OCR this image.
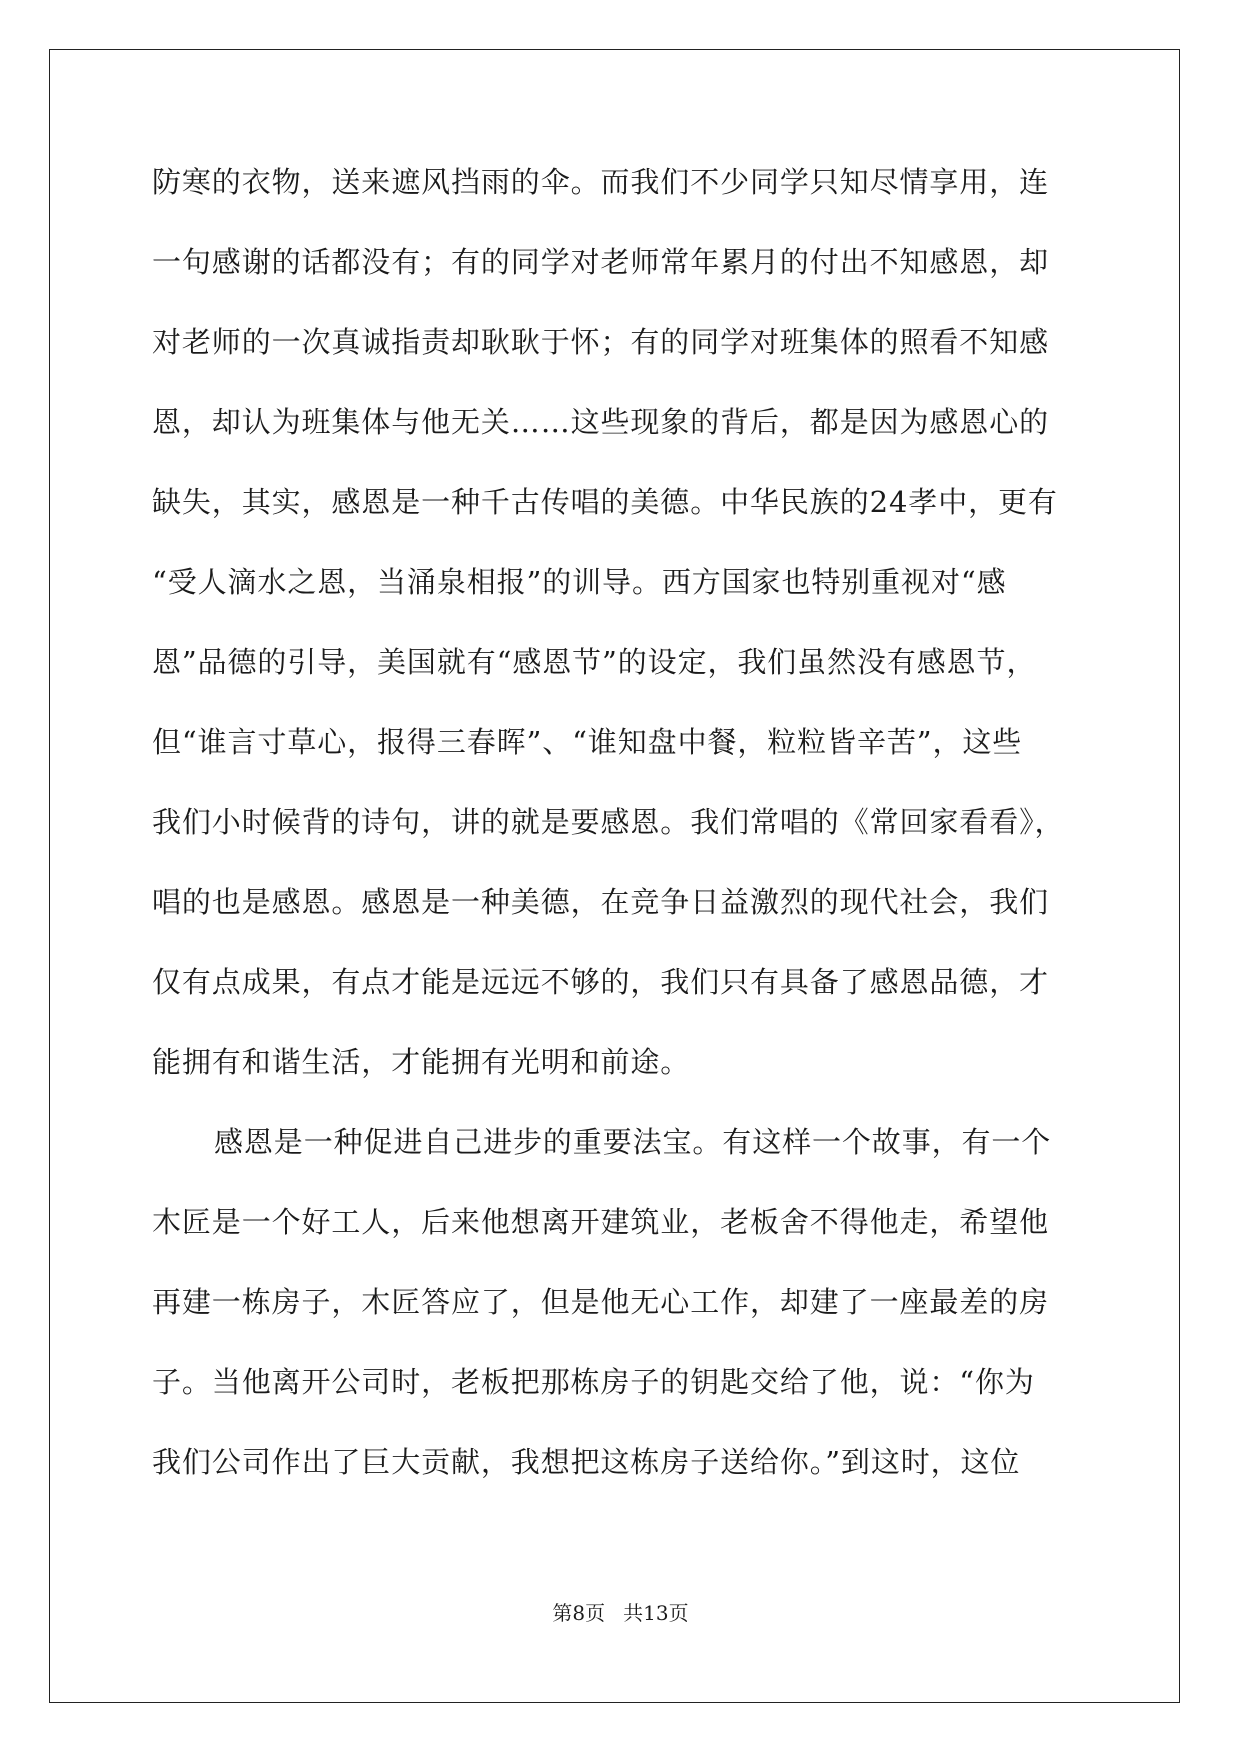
防寒的衣物，送来遮风挡雨的伞。而我们不少同学只知尽情享用，连
一句感谢的话都没有；有的同学对老师常年累月的付出不知感恩，却
对老师的一次真诚指责却耿耿于怀；有的同学对班集体的照看不知感
恩，却认为班集体与他无关……这些现象的背后，都是因为感恩心的
缺失，其实，感恩是一种千古传唱的美德。中华民族的24孝中，更有
“受人滴水之恩，当涌泉相报”的训导。西方国家也特别重视对“感
恩”品德的引导，美国就有“感恩节”的设定，我们虽然没有感恩节，
但“谁言寸草心，报得三春晖”、“谁知盘中餐，粒粒皆辛苦”，这些
我们小时候背的诗句，讲的就是要感恩。我们常唱的《常回家看看》，
唱的也是感恩。感恩是一种美德，在竞争日益激烈的现代社会，我们
仅有点成果，有点才能是远远不够的，我们只有具备了感恩品德，才
能拥有和谐生活，才能拥有光明和前途。
感恩是一种促进自己进步的重要法宝。有这样一个故事，有一个
木匠是一个好工人，后来他想离开建筑业，老板舍不得他走，希望他
再建一栋房子，木匠答应了，但是他无心工作，却建了一座最差的房
子。当他离开公司时，老板把那栋房子的钥匙交给了他，说：“你为
我们公司作出了巨大贡献，我想把这栋房子送给你。”到这时，这位
第8页 共13页
